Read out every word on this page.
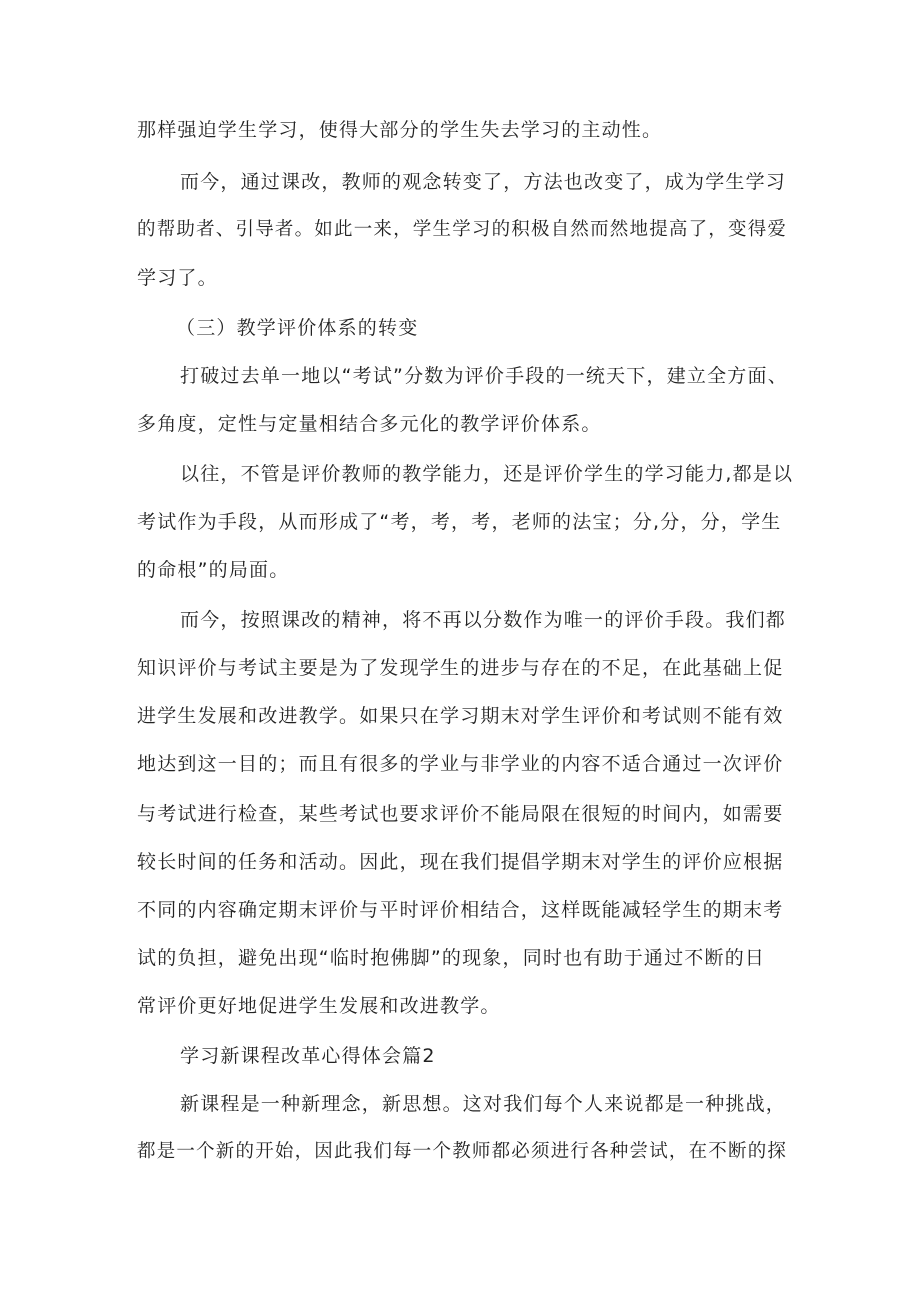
那样强迫学生学习，使得大部分的学生失去学习的主动性。
而今，通过课改，教师的观念转变了，方法也改变了，成为学生学习
的帮助者、引导者。如此一来，学生学习的积极自然而然地提高了，变得爱
学习了。
（三）教学评价体系的转变
打破过去单一地以“考试”分数为评价手段的一统天下，建立全方面、
多角度，定性与定量相结合多元化的教学评价体系。
以往，不管是评价教师的教学能力，还是评价学生的学习能力,都是以
考试作为手段，从而形成了“考，考，考，老师的法宝；分,分，分，学生
的命根”的局面。
而今，按照课改的精神，将不再以分数作为唯一的评价手段。我们都
知识评价与考试主要是为了发现学生的进步与存在的不足，在此基础上促
进学生发展和改进教学。如果只在学习期末对学生评价和考试则不能有效
地达到这一目的；而且有很多的学业与非学业的内容不适合通过一次评价
与考试进行检查，某些考试也要求评价不能局限在很短的时间内，如需要
较长时间的任务和活动。因此，现在我们提倡学期末对学生的评价应根据
不同的内容确定期末评价与平时评价相结合，这样既能减轻学生的期末考
试的负担，避免出现“临时抱佛脚”的现象，同时也有助于通过不断的日
常评价更好地促进学生发展和改进教学。
学习新课程改革心得体会篇2
新课程是一种新理念，新思想。这对我们每个人来说都是一种挑战，
都是一个新的开始，因此我们每一个教师都必须进行各种尝试，在不断的探
